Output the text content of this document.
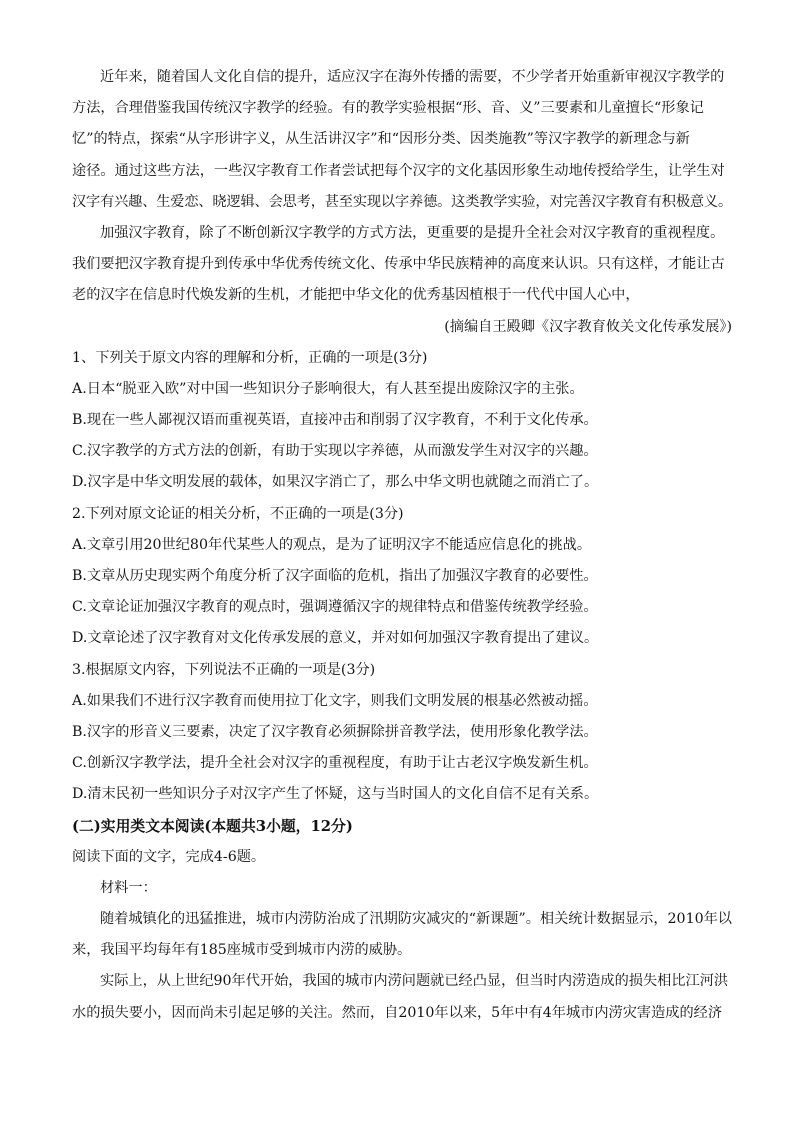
近年来，随着国人文化自信的提升，适应汉字在海外传播的需要，不少学者开始重新审视汉字教学的
方法，合理借鉴我国传统汉字教学的经验。有的教学实验根据“形、音、义”三要素和儿童擅长“形象记
忆”的特点，探索“从字形讲字义，从生活讲汉字”和“因形分类、因类施教”等汉字教学的新理念与新
途径。通过这些方法，一些汉字教育工作者尝试把每个汉字的文化基因形象生动地传授给学生，让学生对
汉字有兴趣、生爱恋、晓逻辑、会思考，甚至实现以字养德。这类教学实验，对完善汉字教育有积极意义。
加强汉字教育，除了不断创新汉字教学的方式方法，更重要的是提升全社会对汉字教育的重视程度。
我们要把汉字教育提升到传承中华优秀传统文化、传承中华民族精神的高度来认识。只有这样，才能让古
老的汉字在信息时代焕发新的生机，才能把中华文化的优秀基因植根于一代代中国人心中，
(摘编自王殿卿《汉字教育攸关文化传承发展》)
1、下列关于原文内容的理解和分析，正确的一项是(3分)
A.日本“脱亚入欧”对中国一些知识分子影响很大，有人甚至提出废除汉字的主张。
B.现在一些人鄙视汉语而重视英语，直接冲击和削弱了汉字教育，不利于文化传承。
C.汉字教学的方式方法的创新，有助于实现以字养德，从而激发学生对汉字的兴趣。
D.汉字是中华文明发展的载体，如果汉字消亡了，那么中华文明也就随之而消亡了。
2.下列对原文论证的相关分析，不正确的一项是(3分)
A.文章引用20世纪80年代某些人的观点，是为了证明汉字不能适应信息化的挑战。
B.文章从历史现实两个角度分析了汉字面临的危机，指出了加强汉字教育的必要性。
C.文章论证加强汉字教育的观点时，强调遵循汉字的规律特点和借鉴传统教学经验。
D.文章论述了汉字教育对文化传承发展的意义，并对如何加强汉字教育提出了建议。
3.根据原文内容，下列说法不正确的一项是(3分)
A.如果我们不进行汉字教育而使用拉丁化文字，则我们文明发展的根基必然被动摇。
B.汉字的形音义三要素，决定了汉字教育必须摒除拼音教学法，使用形象化教学法。
C.创新汉字教学法，提升全社会对汉字的重视程度，有助于让古老汉字焕发新生机。
D.清末民初一些知识分子对汉字产生了怀疑，这与当时国人的文化自信不足有关系。
(二)实用类文本阅读(本题共3小题，12分)
阅读下面的文字，完成4-6题。
材料一：
随着城镇化的迅猛推进，城市内涝防治成了汛期防灾减灾的“新课题”。相关统计数据显示，2010年以
来，我国平均每年有185座城市受到城市内涝的威胁。
实际上，从上世纪90年代开始，我国的城市内涝问题就已经凸显，但当时内涝造成的损失相比江河洪
水的损失要小，因而尚未引起足够的关注。然而，自2010年以来，5年中有4年城市内涝灾害造成的经济
